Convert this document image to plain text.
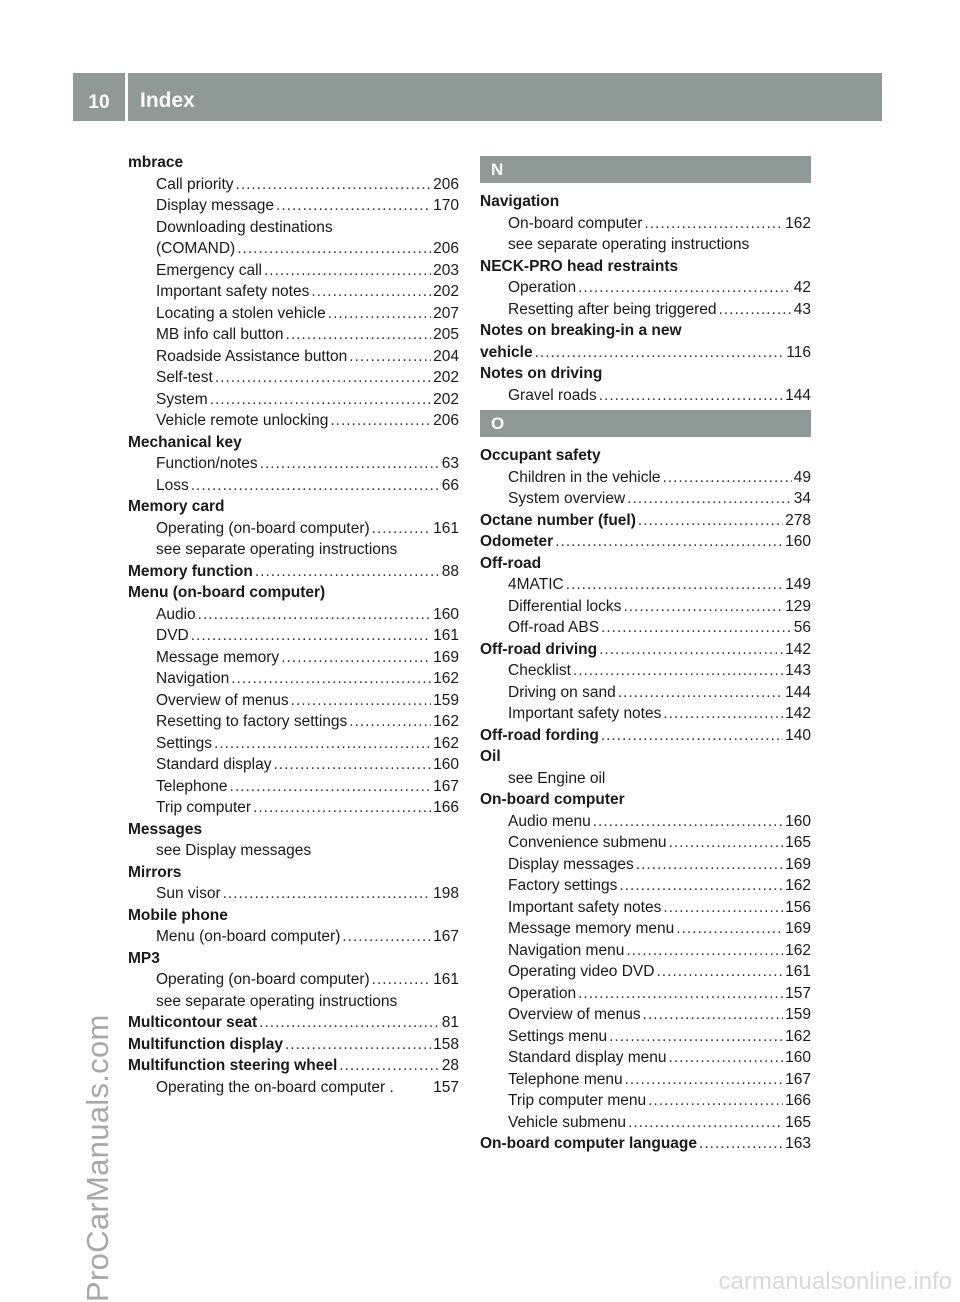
10	Index
ProCarManuals.com	carmanualsonline.info
mbrace
Call priority .....	206
Display message .....	170
Downloading destinations
(COMAND) .....	206
Emergency call .....	203
Important safety notes .....	202
Locating a stolen vehicle .....	207
MB info call button .....	205
Roadside Assistance button .....	204
Self-test .....	202
System .....	202
Vehicle remote unlocking .....	206
Mechanical key
Function/notes .....	63
Loss .....	66
Memory card
Operating (on-board computer) .....	161
see separate operating instructions
Memory function .....	88
Menu (on-board computer)
Audio .....	160
DVD .....	161
Message memory .....	169
Navigation .....	162
Overview of menus .....	159
Resetting to factory settings .....	162
Settings .....	162
Standard display .....	160
Telephone .....	167
Trip computer .....	166
Messages
see Display messages
Mirrors
Sun visor .....	198
Mobile phone
Menu (on-board computer) .....	167
MP3
Operating (on-board computer) .....	161
see separate operating instructions
Multicontour seat .....	81
Multifunction display .....	158
Multifunction steering wheel .....	28
Operating the on-board computer .	157
N
Navigation
On-board computer .....	162
see separate operating instructions
NECK-PRO head restraints
Operation .....	42
Resetting after being triggered .....	43
Notes on breaking-in a new
vehicle .....	116
Notes on driving
Gravel roads .....	144
O
Occupant safety
Children in the vehicle .....	49
System overview .....	34
Octane number (fuel) .....	278
Odometer .....	160
Off-road
4MATIC .....	149
Differential locks .....	129
Off-road ABS .....	56
Off-road driving .....	142
Checklist .....	143
Driving on sand .....	144
Important safety notes .....	142
Off-road fording .....	140
Oil
see Engine oil
On-board computer
Audio menu .....	160
Convenience submenu .....	165
Display messages .....	169
Factory settings .....	162
Important safety notes .....	156
Message memory menu .....	169
Navigation menu .....	162
Operating video DVD .....	161
Operation .....	157
Overview of menus .....	159
Settings menu .....	162
Standard display menu .....	160
Telephone menu .....	167
Trip computer menu .....	166
Vehicle submenu .....	165
On-board computer language .....	163
